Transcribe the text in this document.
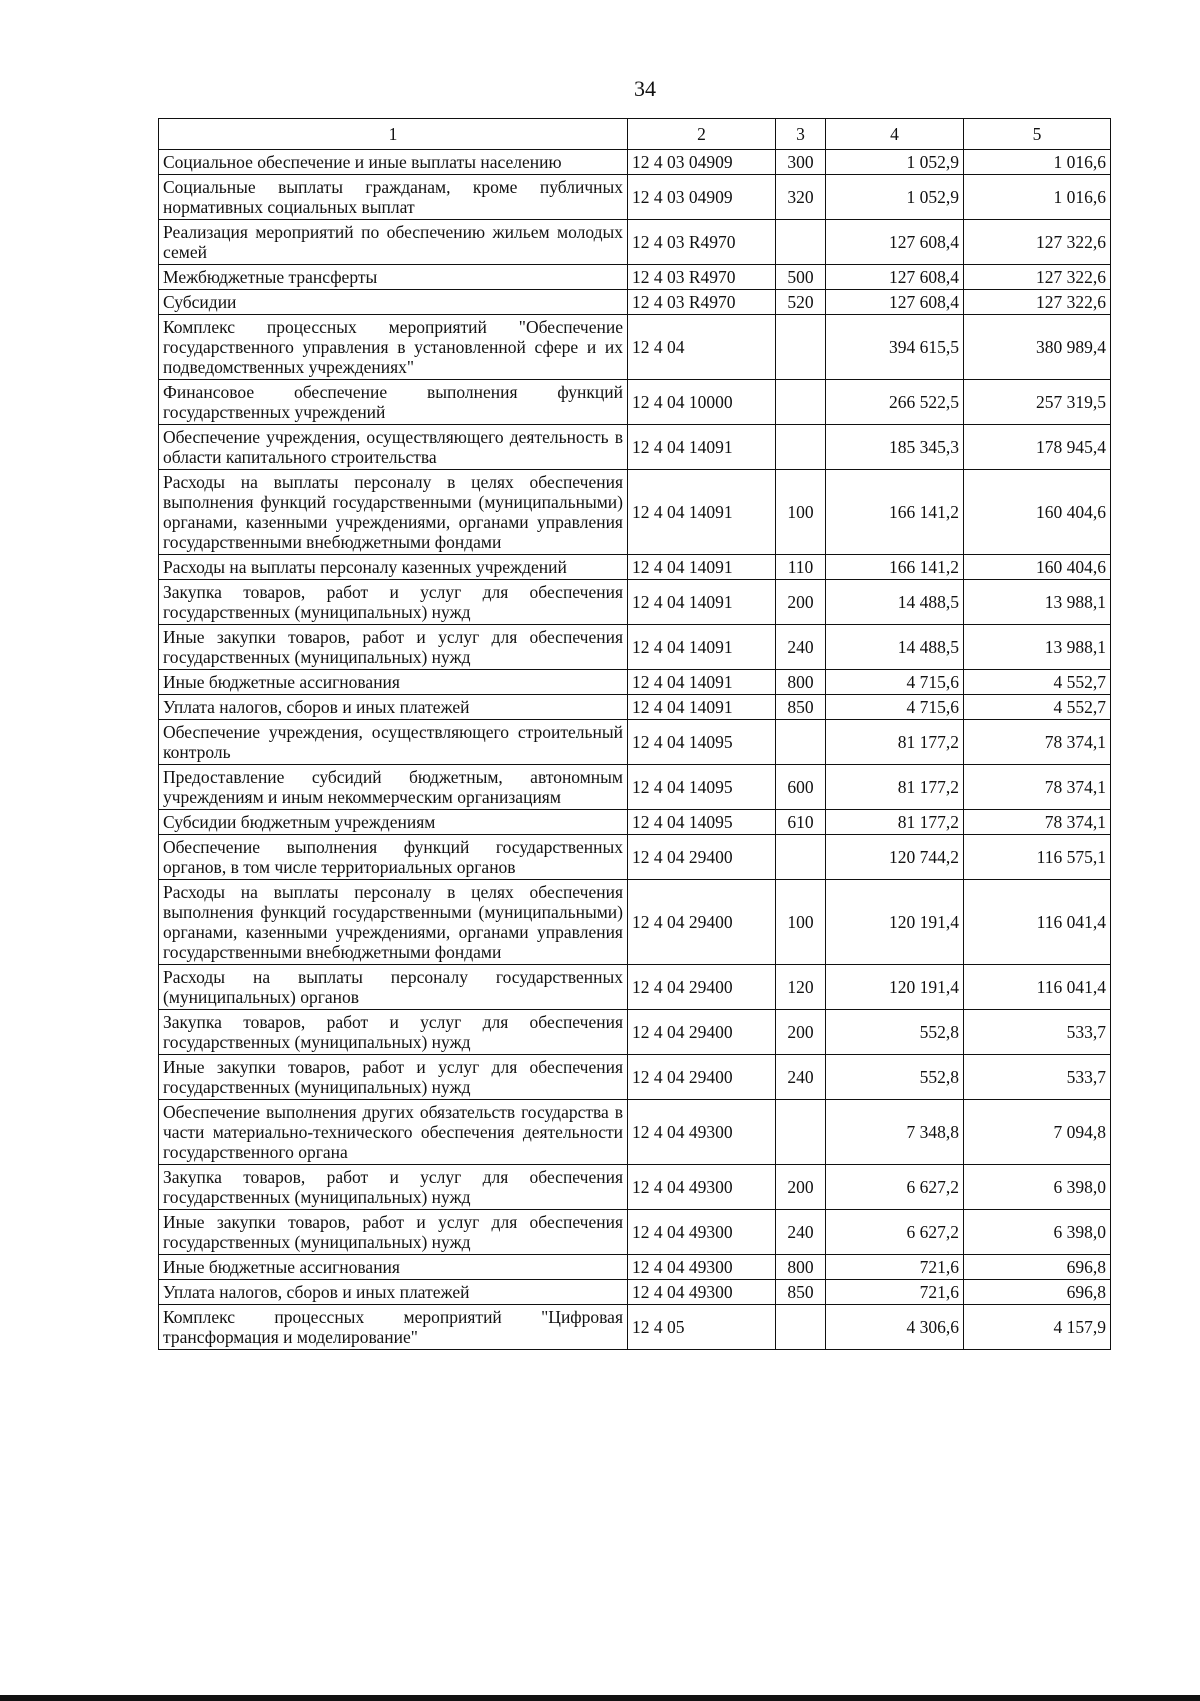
34
1	2	3	4	5
Социальное обеспечение и иные выплаты населению	12 4 03 04909	300	1 052,9	1 016,6
Социальные выплаты гражданам, кроме публичных нормативных социальных выплат	12 4 03 04909	320	1 052,9	1 016,6
Реализация мероприятий по обеспечению жильем молодых семей	12 4 03 R4970		127 608,4	127 322,6
Межбюджетные трансферты	12 4 03 R4970	500	127 608,4	127 322,6
Субсидии	12 4 03 R4970	520	127 608,4	127 322,6
Комплекс процессных мероприятий "Обеспечение государственного управления в установленной сфере и их подведомственных учреждениях"	12 4 04		394 615,5	380 989,4
Финансовое обеспечение выполнения функций государственных учреждений	12 4 04 10000		266 522,5	257 319,5
Обеспечение учреждения, осуществляющего деятельность в области капитального строительства	12 4 04 14091		185 345,3	178 945,4
Расходы на выплаты персоналу в целях обеспечения выполнения функций государственными (муниципальными) органами, казенными учреждениями, органами управления государственными внебюджетными фондами	12 4 04 14091	100	166 141,2	160 404,6
Расходы на выплаты персоналу казенных учреждений	12 4 04 14091	110	166 141,2	160 404,6
Закупка товаров, работ и услуг для обеспечения государственных (муниципальных) нужд	12 4 04 14091	200	14 488,5	13 988,1
Иные закупки товаров, работ и услуг для обеспечения государственных (муниципальных) нужд	12 4 04 14091	240	14 488,5	13 988,1
Иные бюджетные ассигнования	12 4 04 14091	800	4 715,6	4 552,7
Уплата налогов, сборов и иных платежей	12 4 04 14091	850	4 715,6	4 552,7
Обеспечение учреждения, осуществляющего строительный контроль	12 4 04 14095		81 177,2	78 374,1
Предоставление субсидий бюджетным, автономным учреждениям и иным некоммерческим организациям	12 4 04 14095	600	81 177,2	78 374,1
Субсидии бюджетным учреждениям	12 4 04 14095	610	81 177,2	78 374,1
Обеспечение выполнения функций государственных органов, в том числе территориальных органов	12 4 04 29400		120 744,2	116 575,1
Расходы на выплаты персоналу в целях обеспечения выполнения функций государственными (муниципальными) органами, казенными учреждениями, органами управления государственными внебюджетными фондами	12 4 04 29400	100	120 191,4	116 041,4
Расходы на выплаты персоналу государственных (муниципальных) органов	12 4 04 29400	120	120 191,4	116 041,4
Закупка товаров, работ и услуг для обеспечения государственных (муниципальных) нужд	12 4 04 29400	200	552,8	533,7
Иные закупки товаров, работ и услуг для обеспечения государственных (муниципальных) нужд	12 4 04 29400	240	552,8	533,7
Обеспечение выполнения других обязательств государства в части материально-технического обеспечения деятельности государственного органа	12 4 04 49300		7 348,8	7 094,8
Закупка товаров, работ и услуг для обеспечения государственных (муниципальных) нужд	12 4 04 49300	200	6 627,2	6 398,0
Иные закупки товаров, работ и услуг для обеспечения государственных (муниципальных) нужд	12 4 04 49300	240	6 627,2	6 398,0
Иные бюджетные ассигнования	12 4 04 49300	800	721,6	696,8
Уплата налогов, сборов и иных платежей	12 4 04 49300	850	721,6	696,8
Комплекс процессных мероприятий "Цифровая трансформация и моделирование"	12 4 05		4 306,6	4 157,9
